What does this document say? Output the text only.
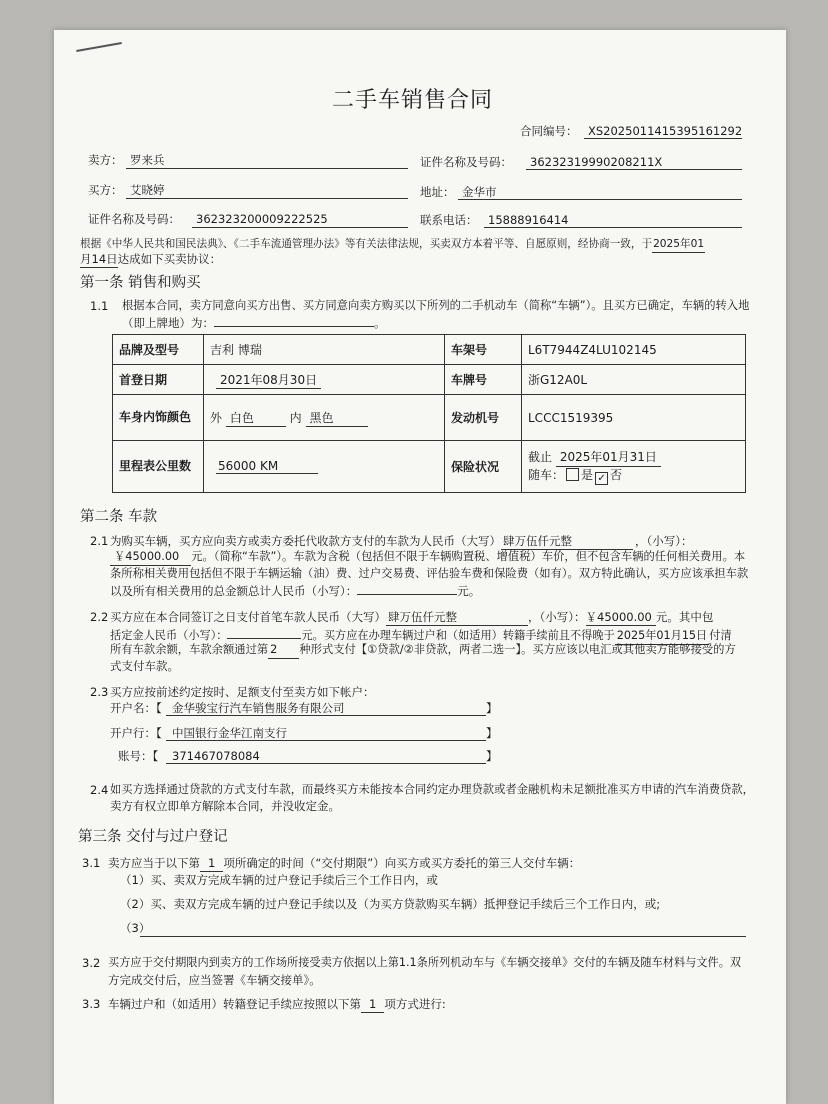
二手车销售合同
合同编号： XS2025011415395161292
卖方： 罗来兵	证件名称及号码： 36232319990208211X
买方： 艾晓婷	地址： 金华市
证件名称及号码： 362323200009222525	联系电话： 15888916414
根据《中华人民共和国民法典》、《二手车流通管理办法》等有关法律法规，买卖双方本着平等、自愿原则，经协商一致，于2025年01
月14日达成如下买卖协议：
第一条 销售和购买
1.1 根据本合同，卖方同意向买方出售、买方同意向卖方购买以下所列的二手机动车（简称“车辆”）。且买方已确定，车辆的转入地
（即上牌地）为：	。
品牌及型号	吉利 博瑞	车架号	L6T7944Z4LU102145
首登日期	2021年08月30日	车牌号	浙G12A0L
车身内饰颜色	外 白色 内 黑色	发动机号	LCCC1519395
里程表公里数	56000 KM	保险状况	截止 2025年01月31日
随车： 是 ✓ 否
第二条 车款
2.1 为购买车辆，买方应向卖方或卖方委托代收款方支付的车款为人民币（大写） 肆万伍仟元整	，（小写）：
￥45000.00 元。（简称“车款”）。车款为含税（包括但不限于车辆购置税、增值税）车价，但不包含车辆的任何相关费用。本
条所称相关费用包括但不限于车辆运输（油）费、过户交易费、评估验车费和保险费（如有）。双方特此确认，买方应该承担车款
以及所有相关费用的总金额总计人民币（小写）：	元。
2.2 买方应在本合同签订之日支付首笔车款人民币（大写） 肆万伍仟元整	，（小写）：￥45000.00 元。其中包
括定金人民币（小写）：	元。买方应在办理车辆过户和（如适用）转籍手续前且不得晚于 2025年01月15日 付清
所有车款余额，车款余额通过第 2 种形式支付【①贷款/②非贷款，两者二选一】。买方应该以电汇或其他卖方能够接受的方
式支付车款。
2.3 买方应按前述约定按时、足额支付至卖方如下帐户：
开户名：【 金华骏宝行汽车销售服务有限公司	】
开户行：【 中国银行金华江南支行	】
账号：【 371467078084	】
2.4 如买方选择通过贷款的方式支付车款，而最终买方未能按本合同约定办理贷款或者金融机构未足额批准买方申请的汽车消费贷款，
卖方有权立即单方解除本合同，并没收定金。
第三条 交付与过户登记
3.1 卖方应当于以下第 1 项所确定的时间（“交付期限”）向买方或买方委托的第三人交付车辆：
（1）买、卖双方完成车辆的过户登记手续后三个工作日内，或
（2）买、卖双方完成车辆的过户登记手续以及（为买方贷款购买车辆）抵押登记手续后三个工作日内，或;
（3）
3.2 买方应于交付期限内到卖方的工作场所接受卖方依据以上第1.1条所列机动车与《车辆交接单》交付的车辆及随车材料与文件。双
方完成交付后，应当签署《车辆交接单》。
3.3 车辆过户和（如适用）转籍登记手续应按照以下第 1 项方式进行:
